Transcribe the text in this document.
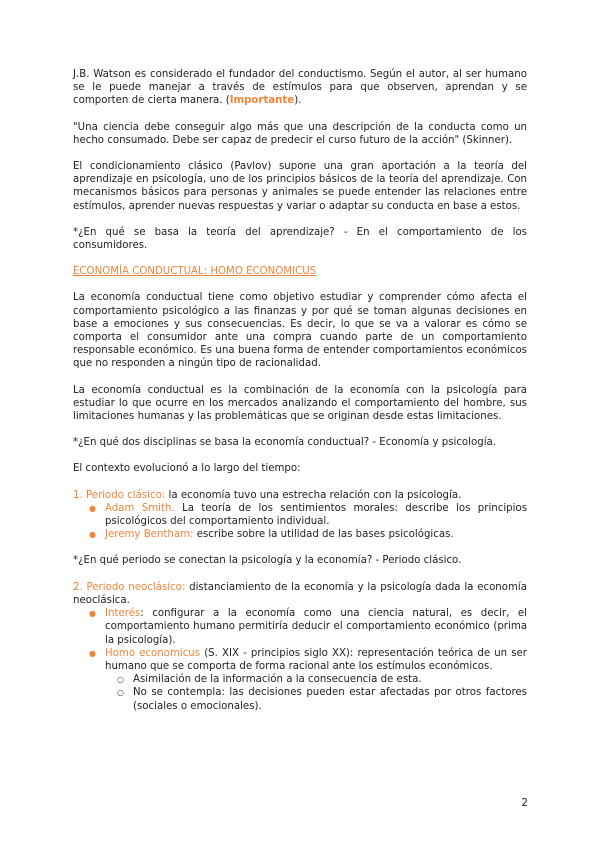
J.B. Watson es considerado el fundador del conductismo. Según el autor, al ser humano se le puede manejar a través de estímulos para que observen, aprendan y se comporten de cierta manera. (Importante).

"Una ciencia debe conseguir algo más que una descripción de la conducta como un hecho consumado. Debe ser capaz de predecir el curso futuro de la acción" (Skinner).

El condicionamiento clásico (Pavlov) supone una gran aportación a la teoría del aprendizaje en psicología, uno de los principios básicos de la teoría del aprendizaje. Con mecanismos básicos para personas y animales se puede entender las relaciones entre estímulos, aprender nuevas respuestas y variar o adaptar su conducta en base a estos.

*¿En qué se basa la teoría del aprendizaje? - En el comportamiento de los consumidores.

ECONOMÍA CONDUCTUAL: HOMO ECONOMICUS

La economía conductual tiene como objetivo estudiar y comprender cómo afecta el comportamiento psicológico a las finanzas y por qué se toman algunas decisiones en base a emociones y sus consecuencias. Es decir, lo que se va a valorar es cómo se comporta el consumidor ante una compra cuando parte de un comportamiento responsable económico. Es una buena forma de entender comportamientos económicos que no responden a ningún tipo de racionalidad.

La economía conductual es la combinación de la economía con la psicología para estudiar lo que ocurre en los mercados analizando el comportamiento del hombre, sus limitaciones humanas y las problemáticas que se originan desde estas limitaciones.

*¿En qué dos disciplinas se basa la economía conductual? - Economía y psicología.

El contexto evolucionó a lo largo del tiempo:

1. Periodo clásico: la economía tuvo una estrecha relación con la psicología.

● Adam Smith. La teoría de los sentimientos morales: describe los principios psicológicos del comportamiento individual.
● Jeremy Bentham: escribe sobre la utilidad de las bases psicológicas.

*¿En qué periodo se conectan la psicología y la economía? - Periodo clásico.

2. Periodo neoclásico: distanciamiento de la economía y la psicología dada la economía neoclásica.

● Interés: configurar a la economía como una ciencia natural, es decir, el comportamiento humano permitiría deducir el comportamiento económico (prima la psicología).
● Homo economicus (S. XIX - principios siglo XX): representación teórica de un ser humano que se comporta de forma racional ante los estímulos económicos.
○ Asimilación de la información a la consecuencia de esta.
○ No se contempla: las decisiones pueden estar afectadas por otros factores (sociales o emocionales).
2
